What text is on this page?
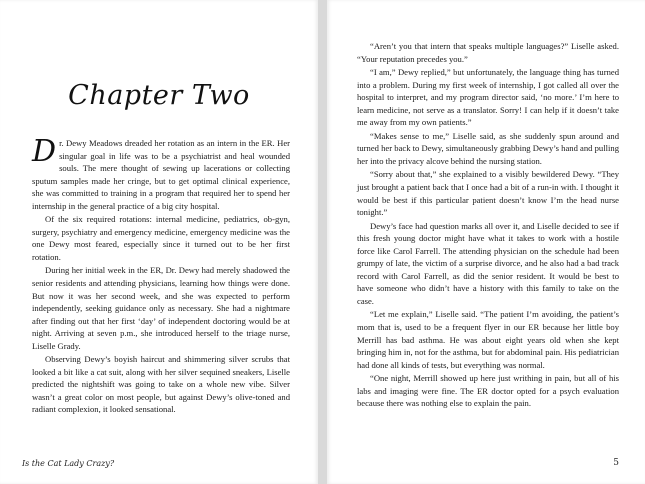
Chapter Two

Dr. Dewy Meadows dreaded her rotation as an intern in the ER. Her singular goal in life was to be a psychiatrist and heal wounded souls. The mere thought of sewing up lacerations or collecting sputum samples made her cringe, but to get optimal clinical experience, she was committed to training in a program that required her to spend her internship in the general practice of a big city hospital.

Of the six required rotations: internal medicine, pediatrics, ob-gyn, surgery, psychiatry and emergency medicine, emergency medicine was the one Dewy most feared, especially since it turned out to be her first rotation.

During her initial week in the ER, Dr. Dewy had merely shadowed the senior residents and attending physicians, learning how things were done. But now it was her second week, and she was expected to perform independently, seeking guidance only as necessary. She had a nightmare after finding out that her first ‘day’ of independent doctoring would be at night. Arriving at seven p.m., she introduced herself to the triage nurse, Liselle Grady.

Observing Dewy’s boyish haircut and shimmering silver scrubs that looked a bit like a cat suit, along with her silver sequined sneakers, Liselle predicted the nightshift was going to take on a whole new vibe. Silver wasn’t a great color on most people, but against Dewy’s olive-toned and radiant complexion, it looked sensational.

Is the Cat Lady Crazy?

“Aren’t you that intern that speaks multiple languages?” Liselle asked. “Your reputation precedes you.”

“I am,” Dewy replied,” but unfortunately, the language thing has turned into a problem. During my first week of internship, I got called all over the hospital to interpret, and my program director said, ‘no more.’ I’m here to learn medicine, not serve as a translator. Sorry! I can help if it doesn’t take me away from my own patients.”

“Makes sense to me,” Liselle said, as she suddenly spun around and turned her back to Dewy, simultaneously grabbing Dewy’s hand and pulling her into the privacy alcove behind the nursing station.

“Sorry about that,” she explained to a visibly bewildered Dewy. “They just brought a patient back that I once had a bit of a run-in with. I thought it would be best if this particular patient doesn’t know I’m the head nurse tonight.”

Dewy’s face had question marks all over it, and Liselle decided to see if this fresh young doctor might have what it takes to work with a hostile force like Carol Farrell. The attending physician on the schedule had been grumpy of late, the victim of a surprise divorce, and he also had a bad track record with Carol Farrell, as did the senior resident. It would be best to have someone who didn’t have a history with this family to take on the case.

“Let me explain,” Liselle said. “The patient I’m avoiding, the patient’s mom that is, used to be a frequent flyer in our ER because her little boy Merrill has bad asthma. He was about eight years old when she kept bringing him in, not for the asthma, but for abdominal pain. His pediatrician had done all kinds of tests, but everything was normal.

“One night, Merrill showed up here just writhing in pain, but all of his labs and imaging were fine. The ER doctor opted for a psych evaluation because there was nothing else to explain the pain.

5
